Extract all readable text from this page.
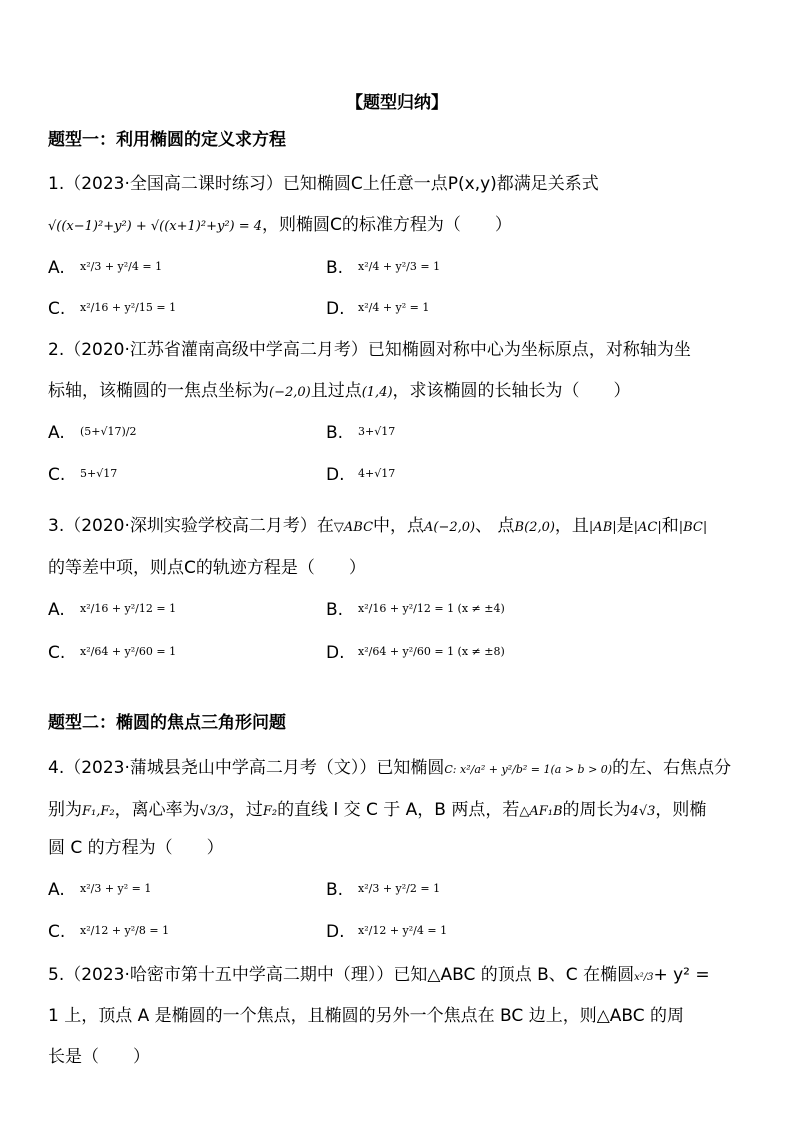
【题型归纳】
题型一：利用椭圆的定义求方程
1.（2023·全国高二课时练习）已知椭圆C上任意一点P(x,y)都满足关系式
√((x−1)²+y²) + √((x+1)²+y²) = 4，则椭圆C的标准方程为（　　）
A. x²/3 + y²/4 = 1	B. x²/4 + y²/3 = 1
C. x²/16 + y²/15 = 1	D. x²/4 + y² = 1
2.（2020·江苏省灌南高级中学高二月考）已知椭圆对称中心为坐标原点，对称轴为坐
标轴，该椭圆的一焦点坐标为(−2,0)且过点(1,4)，求该椭圆的长轴长为（　　）
A. (5+√17)/2	B. 3+√17
C. 5+√17	D. 4+√17
3.（2020·深圳实验学校高二月考）在▽ABC中，点A(−2,0)、 点B(2,0)，且|AB|是|AC|和|BC|
的等差中项，则点C的轨迹方程是（　　）
A. x²/16 + y²/12 = 1	B. x²/16 + y²/12 = 1 (x ≠ ±4)
C. x²/64 + y²/60 = 1	D. x²/64 + y²/60 = 1 (x ≠ ±8)
题型二：椭圆的焦点三角形问题
4.（2023·蒲城县尧山中学高二月考（文））已知椭圆C: x²/a² + y²/b² = 1(a > b > 0)的左、右焦点分
别为F₁,F₂，离心率为√3/3，过F₂的直线 l 交 C 于 A，B 两点，若△AF₁B的周长为4√3，则椭
圆 C 的方程为（　　）
A. x²/3 + y² = 1	B. x²/3 + y²/2 = 1
C. x²/12 + y²/8 = 1	D. x²/12 + y²/4 = 1
5.（2023·哈密市第十五中学高二期中（理））已知△ABC 的顶点 B、C 在椭圆x²/3+ y² =
1 上，顶点 A 是椭圆的一个焦点，且椭圆的另外一个焦点在 BC 边上，则△ABC 的周
长是（　　）
